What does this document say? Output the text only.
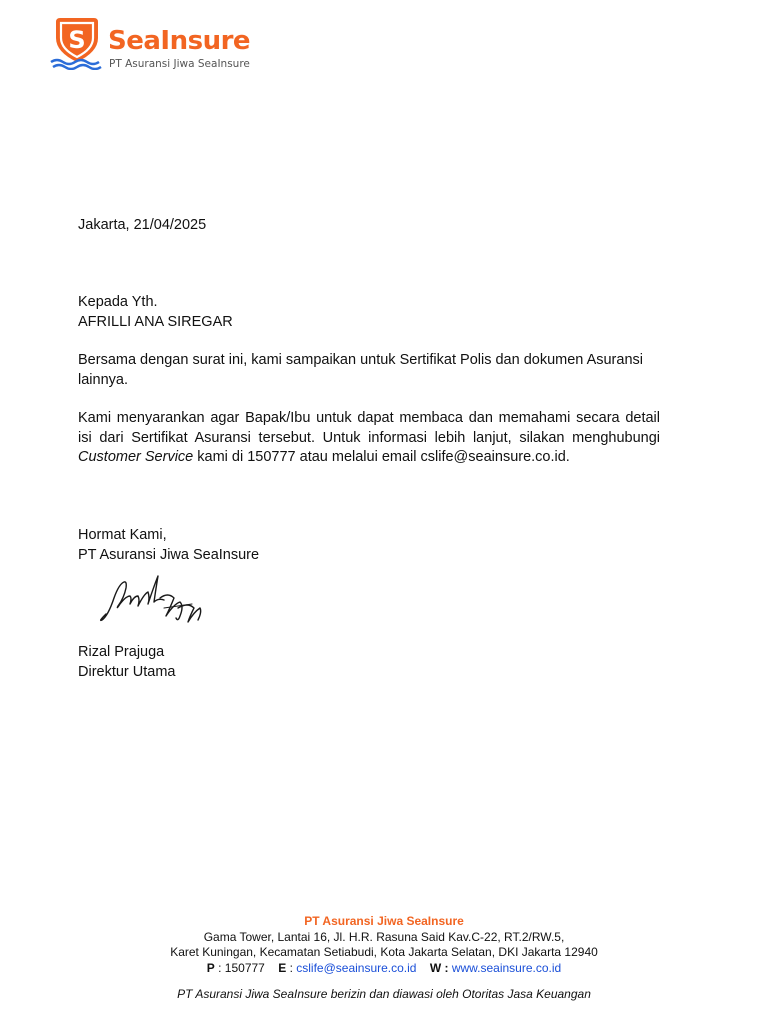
S SeaInsure
PT Asuransi Jiwa SeaInsure

Jakarta, 21/04/2025

Kepada Yth.

AFRILLI ANA SIREGAR

Bersama dengan surat ini, kami sampaikan untuk Sertifikat Polis dan dokumen Asuransi lainnya.

Kami menyarankan agar Bapak/Ibu untuk dapat membaca dan memahami secara detail isi dari Sertifikat Asuransi tersebut. Untuk informasi lebih lanjut, silakan menghubungi Customer Service kami di 150777 atau melalui email cslife@seainsure.co.id.

Hormat Kami,

PT Asuransi Jiwa SeaInsure

Rizal Prajuga

Direktur Utama

PT Asuransi Jiwa SeaInsure
Gama Tower, Lantai 16, Jl. H.R. Rasuna Said Kav.C-22, RT.2/RW.5,
Karet Kuningan, Kecamatan Setiabudi, Kota Jakarta Selatan, DKI Jakarta 12940
P : 150777 E : cslife@seainsure.co.id W : www.seainsure.co.id
PT Asuransi Jiwa SeaInsure berizin dan diawasi oleh Otoritas Jasa Keuangan
